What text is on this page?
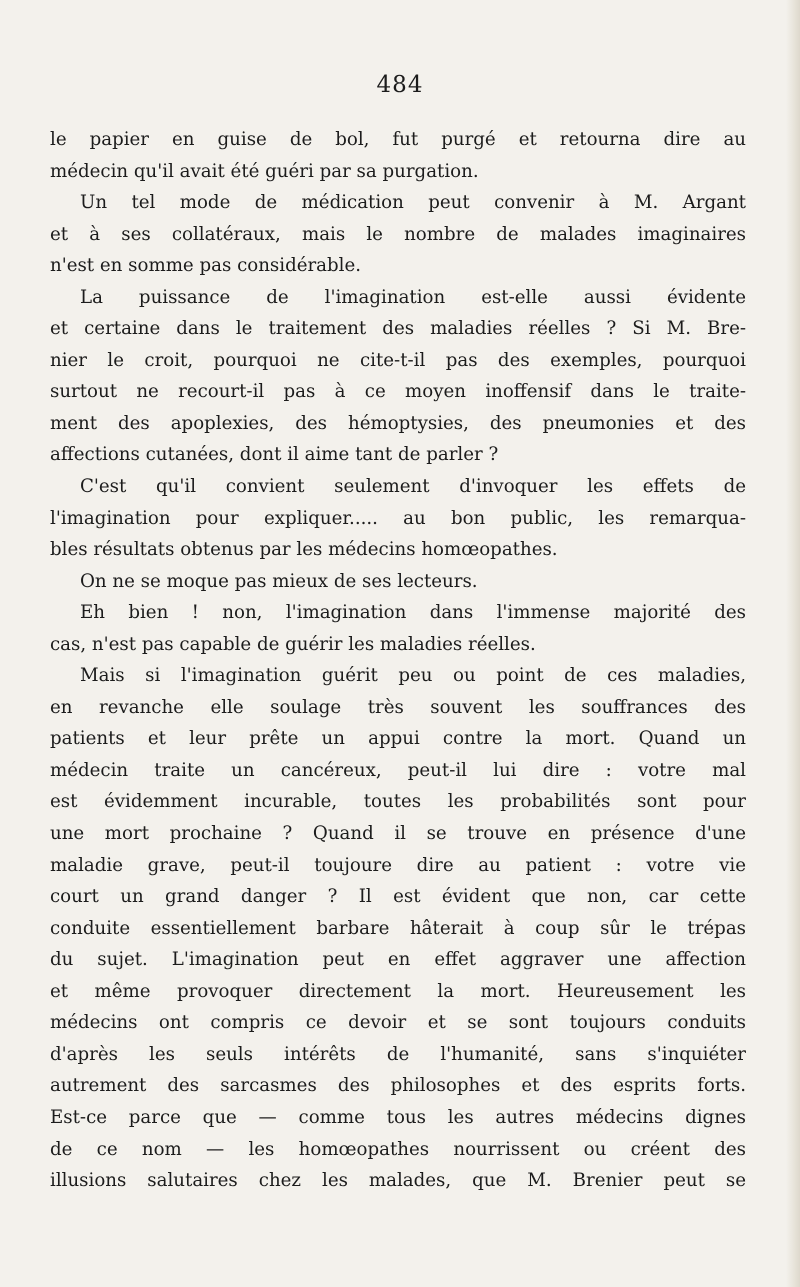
484
le papier en guise de bol, fut purgé et retourna dire au
médecin qu'il avait été guéri par sa purgation.
Un tel mode de médication peut convenir à M. Argant
et à ses collatéraux, mais le nombre de malades imaginaires
n'est en somme pas considérable.
La puissance de l'imagination est-elle aussi évidente
et certaine dans le traitement des maladies réelles ? Si M. Bre-
nier le croit, pourquoi ne cite-t-il pas des exemples, pourquoi
surtout ne recourt-il pas à ce moyen inoffensif dans le traite-
ment des apoplexies, des hémoptysies, des pneumonies et des
affections cutanées, dont il aime tant de parler ?
C'est qu'il convient seulement d'invoquer les effets de
l'imagination pour expliquer..... au bon public, les remarqua-
bles résultats obtenus par les médecins homœopathes.
On ne se moque pas mieux de ses lecteurs.
Eh bien ! non, l'imagination dans l'immense majorité des
cas, n'est pas capable de guérir les maladies réelles.
Mais si l'imagination guérit peu ou point de ces maladies,
en revanche elle soulage très souvent les souffrances des
patients et leur prête un appui contre la mort. Quand un
médecin traite un cancéreux, peut-il lui dire : votre mal
est évidemment incurable, toutes les probabilités sont pour
une mort prochaine ? Quand il se trouve en présence d'une
maladie grave, peut-il toujoure dire au patient : votre vie
court un grand danger ? Il est évident que non, car cette
conduite essentiellement barbare hâterait à coup sûr le trépas
du sujet. L'imagination peut en effet aggraver une affection
et même provoquer directement la mort. Heureusement les
médecins ont compris ce devoir et se sont toujours conduits
d'après les seuls intérêts de l'humanité, sans s'inquiéter
autrement des sarcasmes des philosophes et des esprits forts.
Est-ce parce que — comme tous les autres médecins dignes
de ce nom — les homœopathes nourrissent ou créent des
illusions salutaires chez les malades, que M. Brenier peut se
